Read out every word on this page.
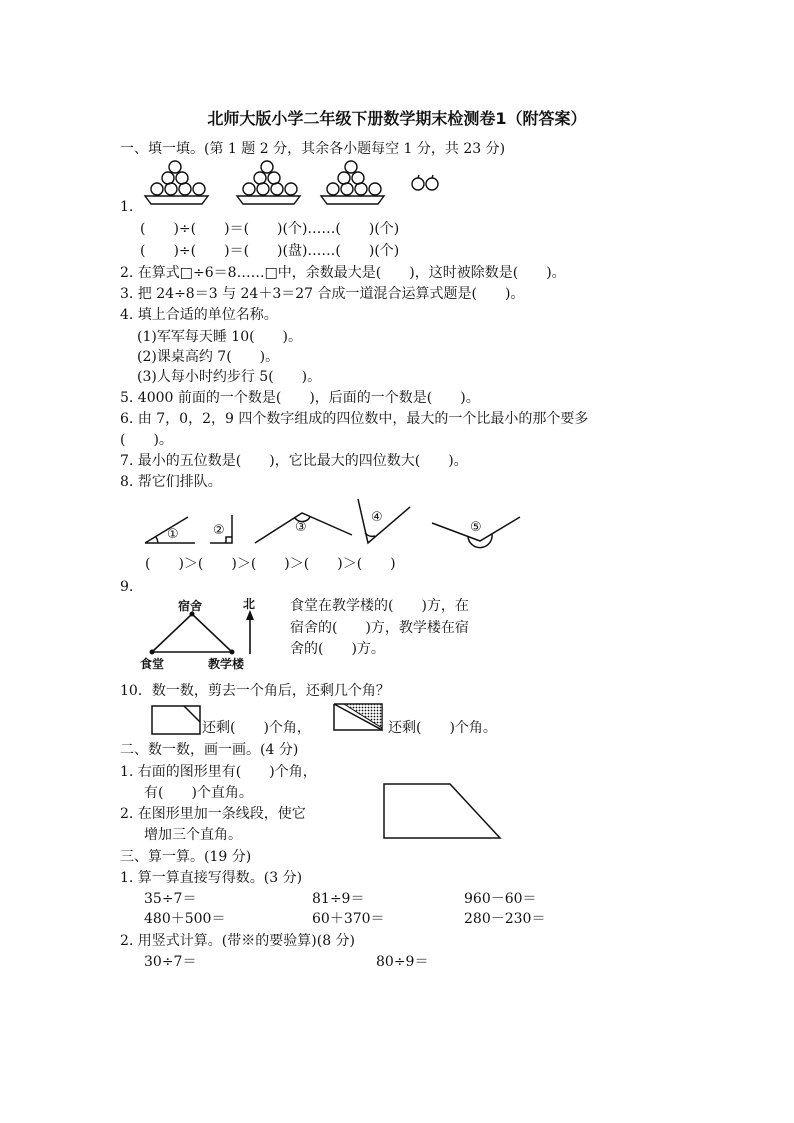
北师大版小学二年级下册数学期末检测卷1（附答案）
一、填一填。(第 1 题 2 分，其余各小题每空 1 分，共 23 分)
1.
(　　)÷(　　)＝(　　)(个)……(　　)(个)
(　　)÷(　　)＝(　　)(盘)……(　　)(个)
2. 在算式□÷6＝8……□中，余数最大是(　　)，这时被除数是(　　)。
3. 把 24÷8＝3 与 24＋3＝27 合成一道混合运算式题是(　　)。
4. 填上合适的单位名称。
(1)军军每天睡 10(　　)。
(2)课桌高约 7(　　)。
(3)人每小时约步行 5(　　)。
5. 4000 前面的一个数是(　　)，后面的一个数是(　　)。
6. 由 7，0，2，9 四个数字组成的四位数中，最大的一个比最小的那个要多
(　　)。
7. 最小的五位数是(　　)，它比最大的四位数大(　　)。
8. 帮它们排队。
①	②	③
④
⑤
(　　)＞(　　)＞(　　)＞(　　)＞(　　)
9.
宿舍	北
食堂	教学楼
食堂在教学楼的(　　)方，在
宿舍的(　　)方，教学楼在宿
舍的(　　)方。
10．数一数，剪去一个角后，还剩几个角？
还剩(　　)个角，	还剩(　　)个角。
二、数一数，画一画。(4 分)
1. 右面的图形里有(　　)个角，
有(　　)个直角。
2. 在图形里加一条线段，使它
增加三个直角。
三、算一算。(19 分)
1. 算一算直接写得数。(3 分)
35÷7＝	81÷9＝	960－60＝
480＋500＝	60＋370＝	280－230＝
2. 用竖式计算。(带※的要验算)(8 分)
30÷7＝	80÷9＝
